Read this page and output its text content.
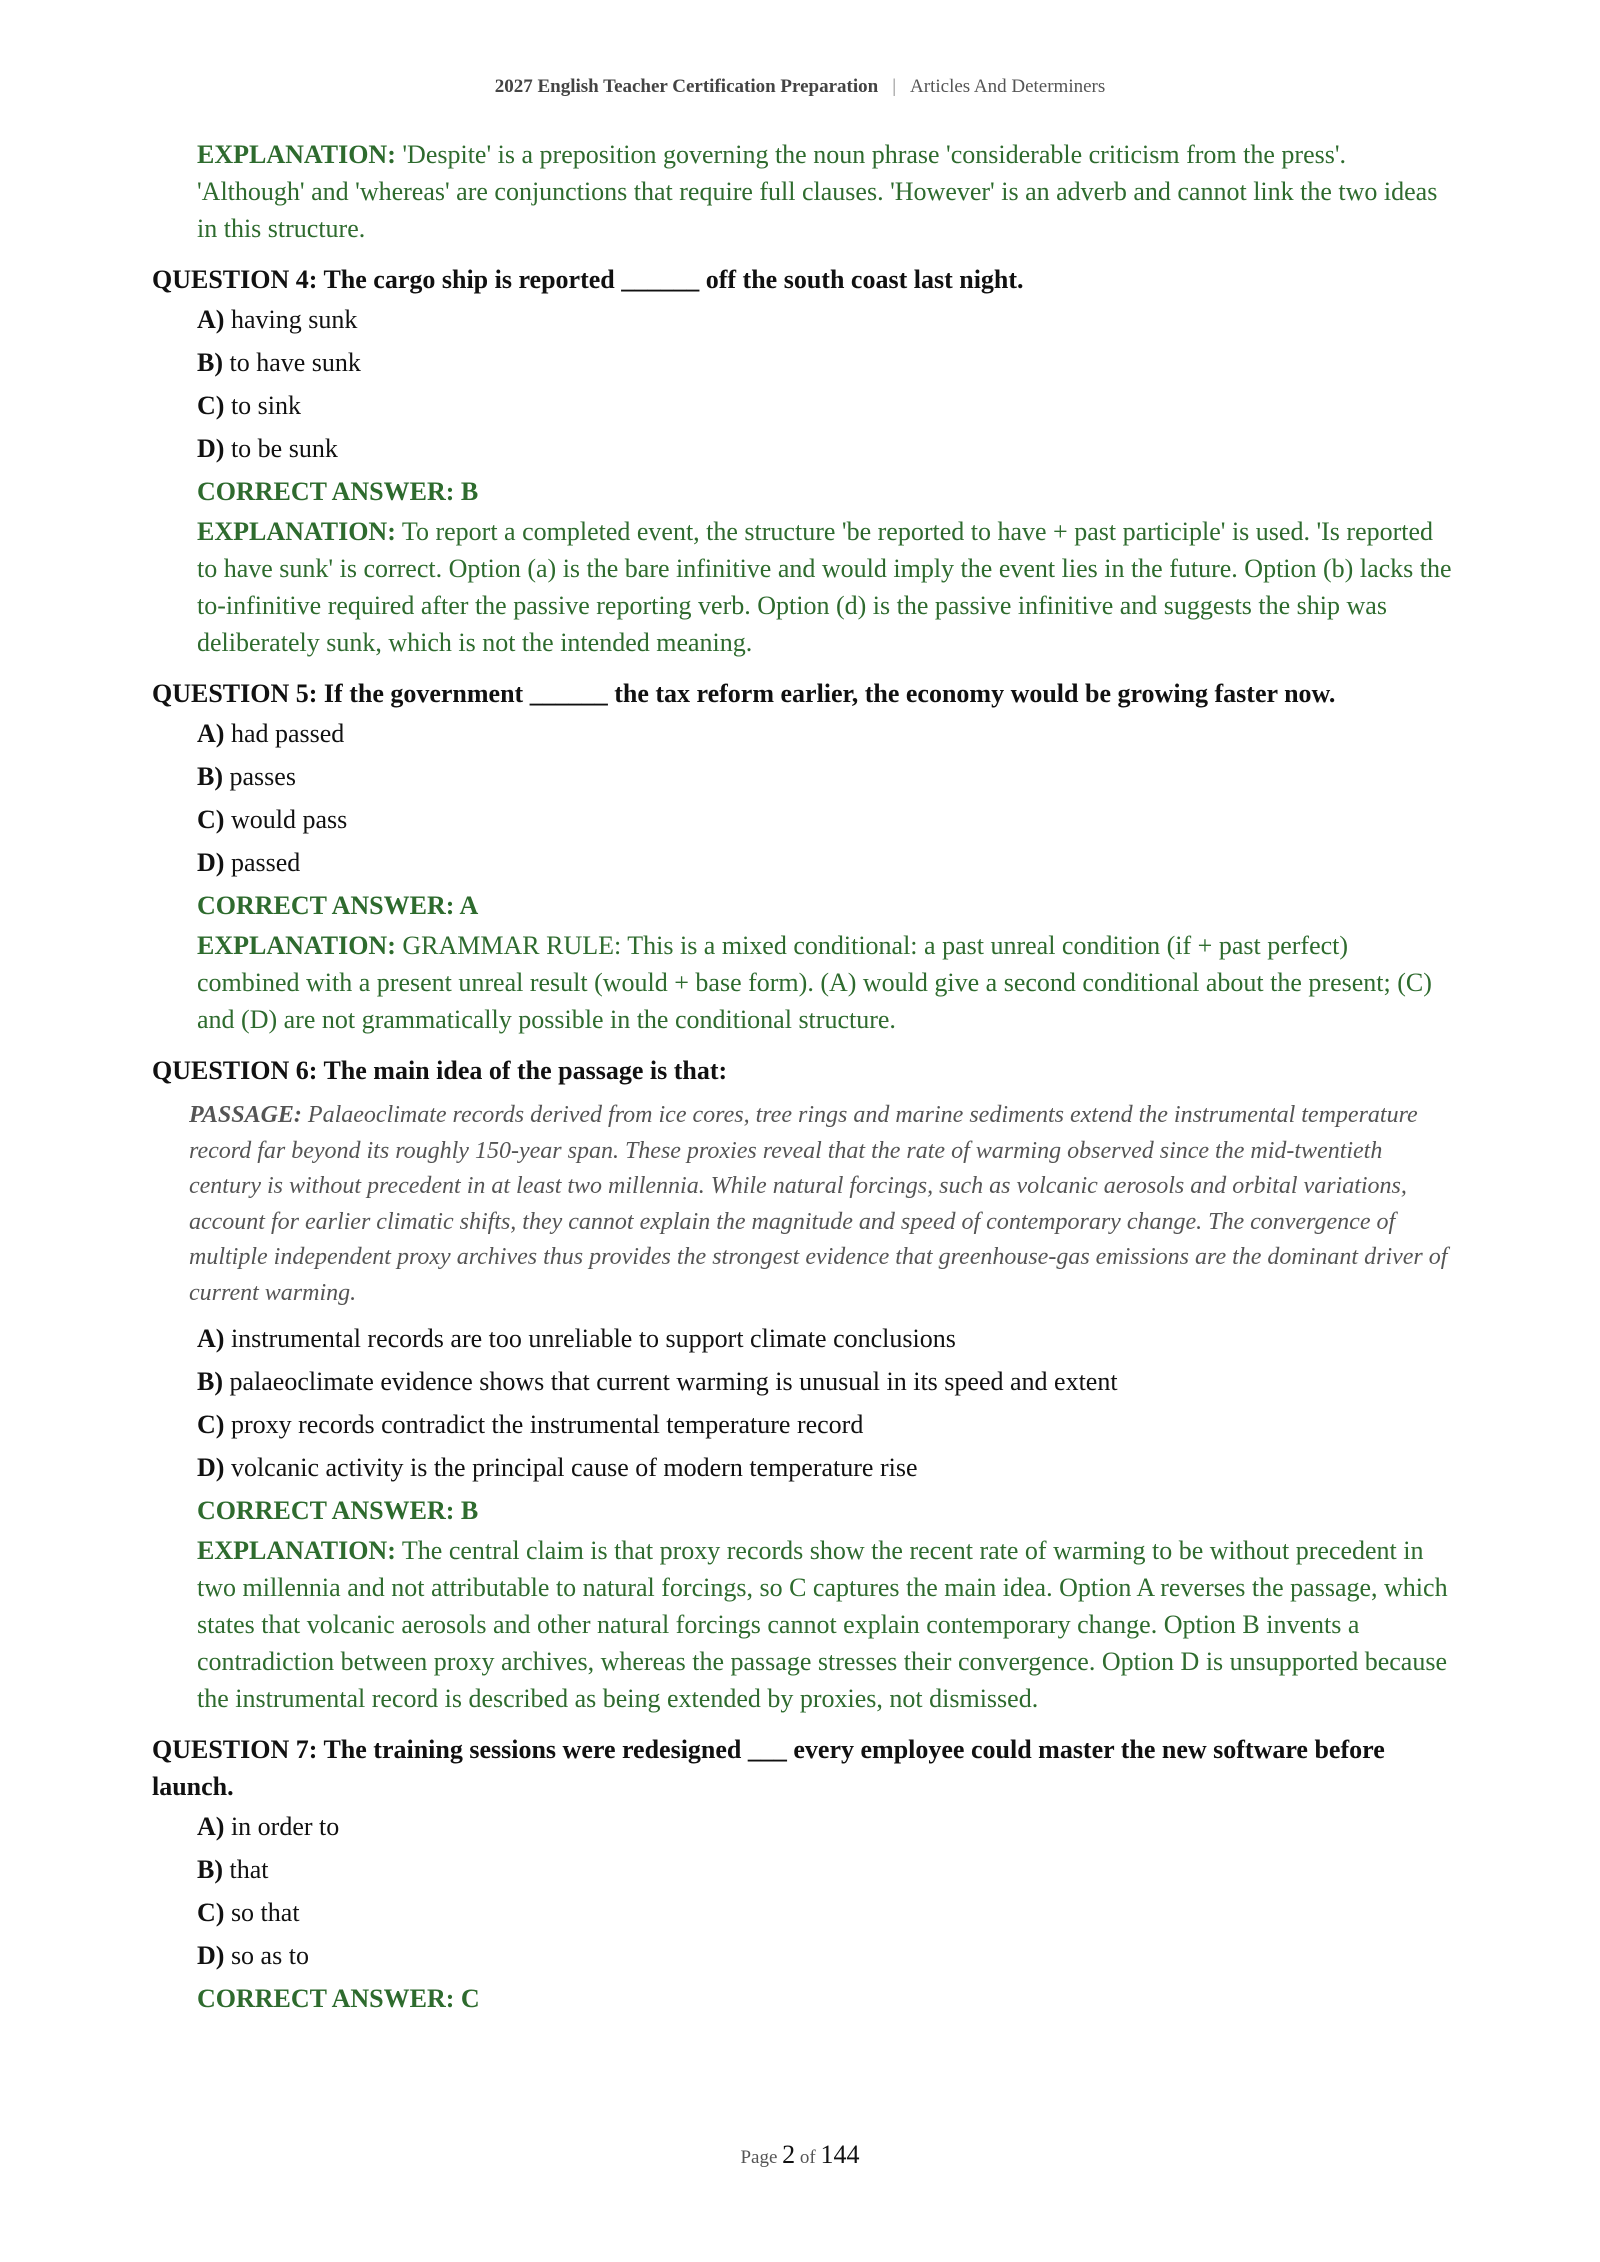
2027 English Teacher Certification Preparation | Articles And Determiners
EXPLANATION: 'Despite' is a preposition governing the noun phrase 'considerable criticism from the press'. 'Although' and 'whereas' are conjunctions that require full clauses. 'However' is an adverb and cannot link the two ideas in this structure.
QUESTION 4: The cargo ship is reported ______ off the south coast last night.
A) having sunk
B) to have sunk
C) to sink
D) to be sunk
CORRECT ANSWER: B
EXPLANATION: To report a completed event, the structure 'be reported to have + past participle' is used. 'Is reported to have sunk' is correct. Option (a) is the bare infinitive and would imply the event lies in the future. Option (b) lacks the to-infinitive required after the passive reporting verb. Option (d) is the passive infinitive and suggests the ship was deliberately sunk, which is not the intended meaning.
QUESTION 5: If the government ______ the tax reform earlier, the economy would be growing faster now.
A) had passed
B) passes
C) would pass
D) passed
CORRECT ANSWER: A
EXPLANATION: GRAMMAR RULE: This is a mixed conditional: a past unreal condition (if + past perfect) combined with a present unreal result (would + base form). (A) would give a second conditional about the present; (C) and (D) are not grammatically possible in the conditional structure.
QUESTION 6: The main idea of the passage is that:
PASSAGE: Palaeoclimate records derived from ice cores, tree rings and marine sediments extend the instrumental temperature record far beyond its roughly 150-year span. These proxies reveal that the rate of warming observed since the mid-twentieth century is without precedent in at least two millennia. While natural forcings, such as volcanic aerosols and orbital variations, account for earlier climatic shifts, they cannot explain the magnitude and speed of contemporary change. The convergence of multiple independent proxy archives thus provides the strongest evidence that greenhouse-gas emissions are the dominant driver of current warming.
A) instrumental records are too unreliable to support climate conclusions
B) palaeoclimate evidence shows that current warming is unusual in its speed and extent
C) proxy records contradict the instrumental temperature record
D) volcanic activity is the principal cause of modern temperature rise
CORRECT ANSWER: B
EXPLANATION: The central claim is that proxy records show the recent rate of warming to be without precedent in two millennia and not attributable to natural forcings, so C captures the main idea. Option A reverses the passage, which states that volcanic aerosols and other natural forcings cannot explain contemporary change. Option B invents a contradiction between proxy archives, whereas the passage stresses their convergence. Option D is unsupported because the instrumental record is described as being extended by proxies, not dismissed.
QUESTION 7: The training sessions were redesigned ___ every employee could master the new software before launch.
A) in order to
B) that
C) so that
D) so as to
CORRECT ANSWER: C
Page 2 of 144
